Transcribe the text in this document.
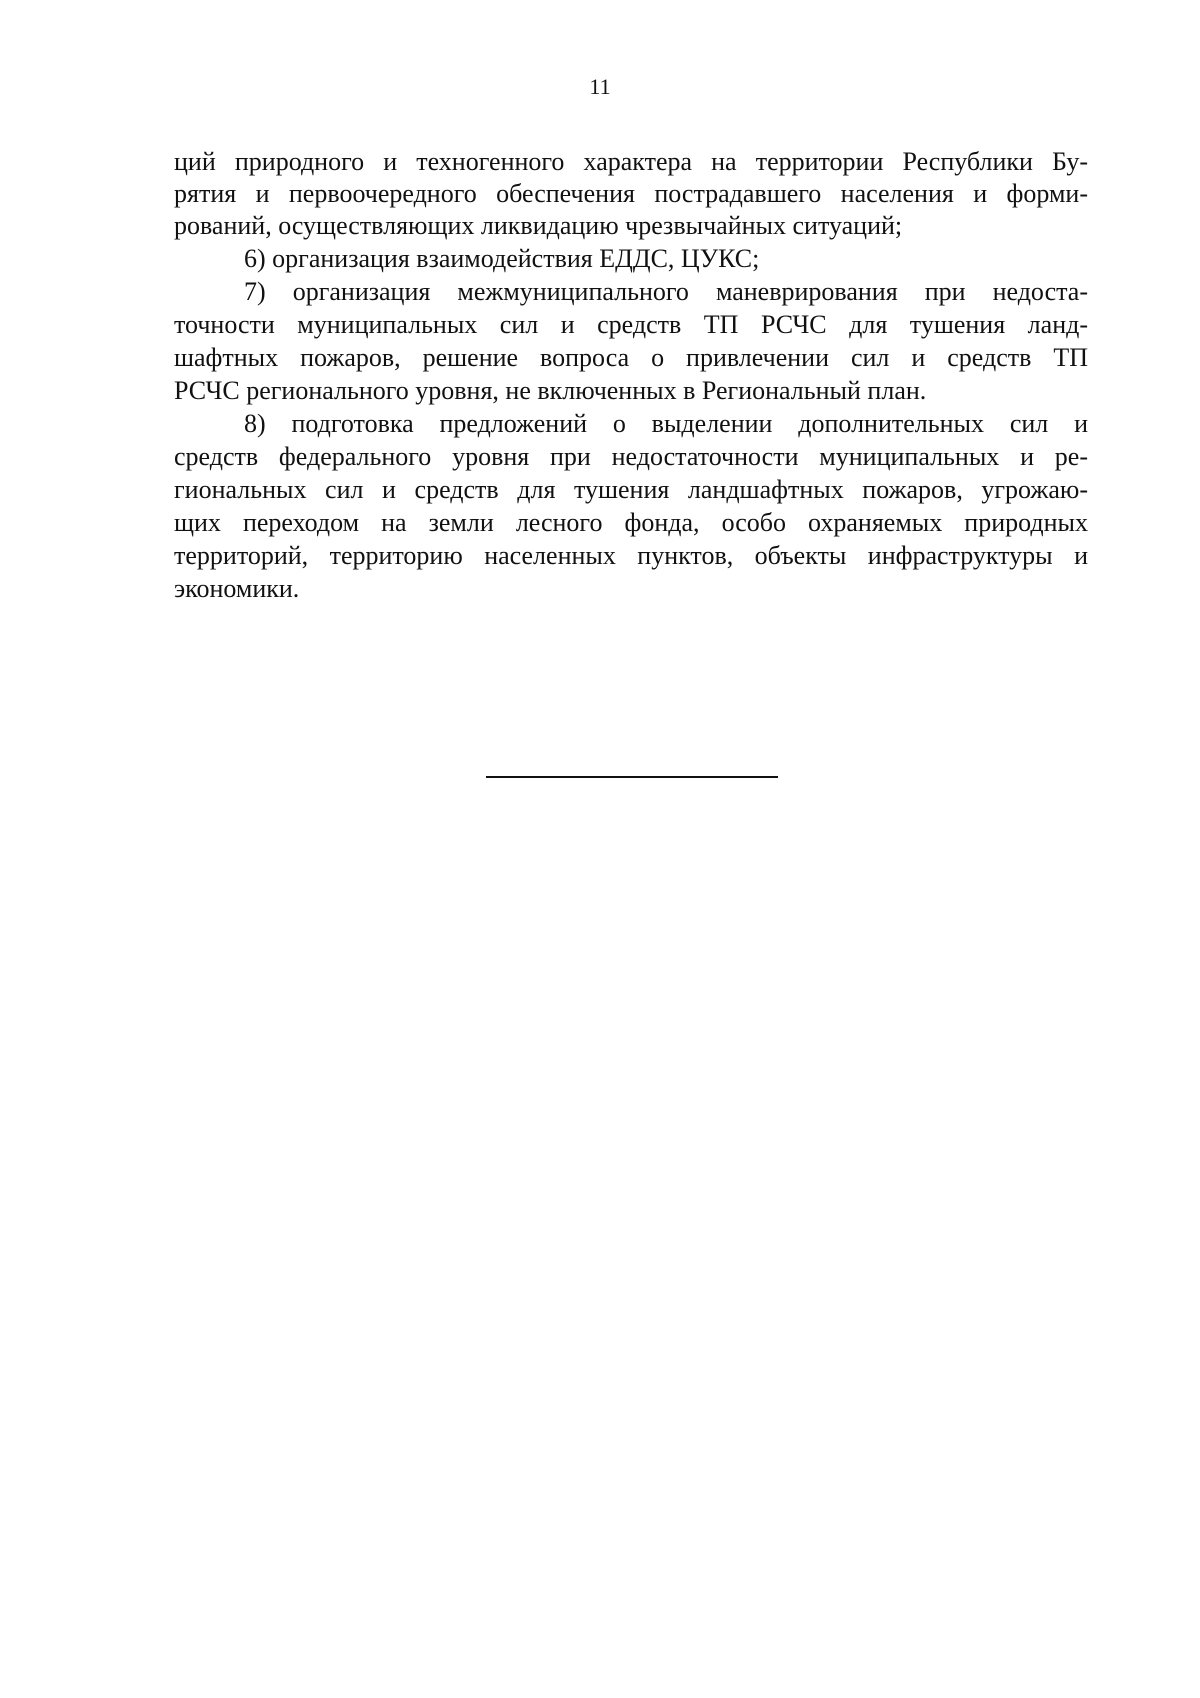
11
ций природного и техногенного характера на территории Республики Бу-
рятия и первоочередного обеспечения пострадавшего населения и форми-
рований, осуществляющих ликвидацию чрезвычайных ситуаций;
6) организация взаимодействия ЕДДС, ЦУКС;
7) организация межмуниципального маневрирования при недоста-
точности муниципальных сил и средств ТП РСЧС для тушения ланд-
шафтных пожаров, решение вопроса о привлечении сил и средств ТП
РСЧС регионального уровня, не включенных в Региональный план.
8) подготовка предложений о выделении дополнительных сил и
средств федерального уровня при недостаточности муниципальных и ре-
гиональных сил и средств для тушения ландшафтных пожаров, угрожаю-
щих переходом на земли лесного фонда, особо охраняемых природных
территорий, территорию населенных пунктов, объекты инфраструктуры и
экономики.
